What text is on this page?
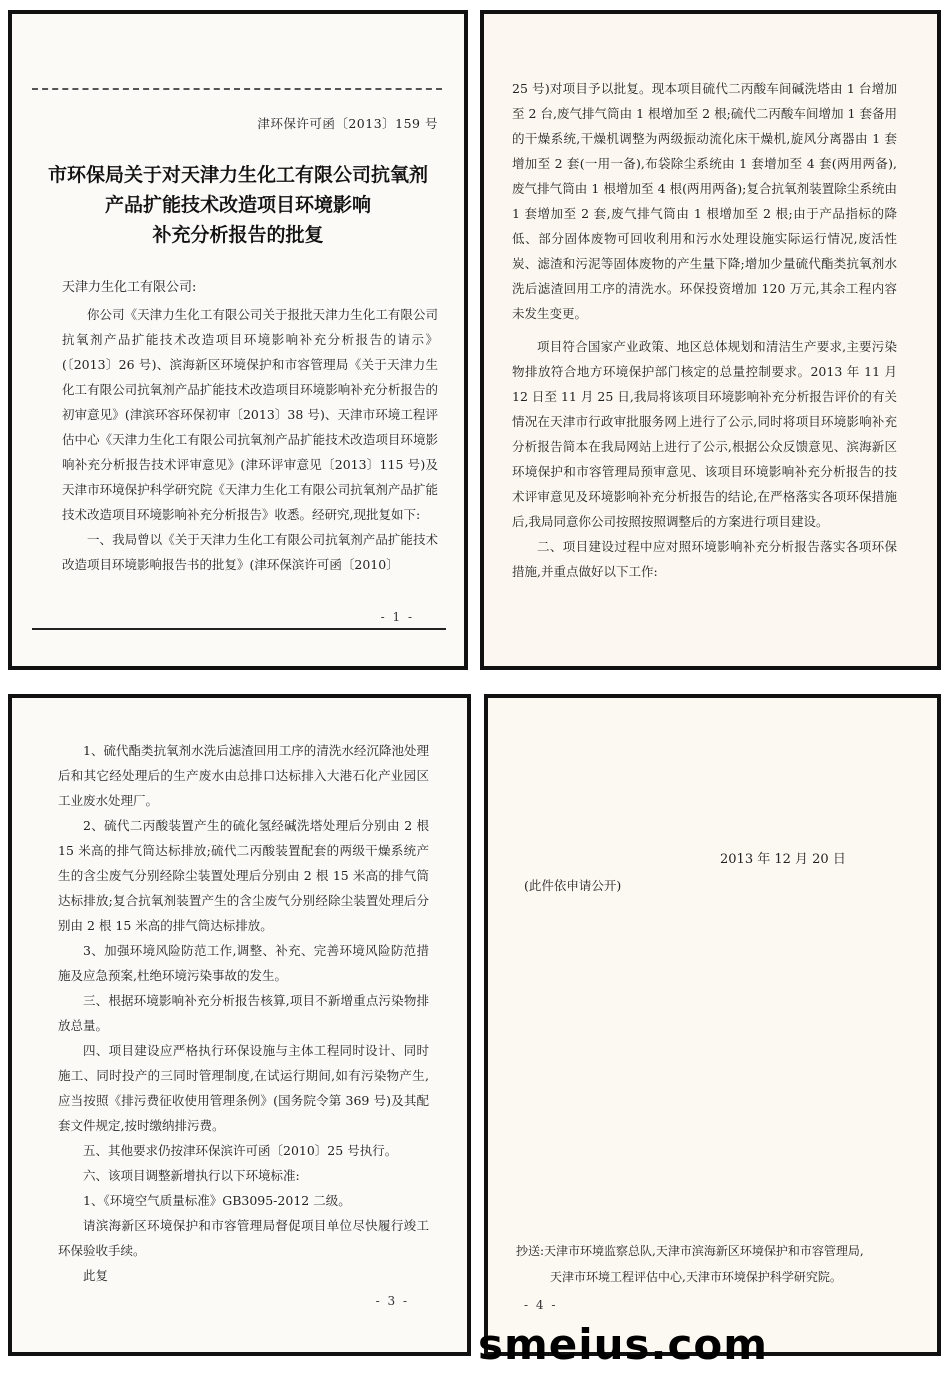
津环保许可函〔2013〕159 号
市环保局关于对天津力生化工有限公司抗氧剂
产品扩能技术改造项目环境影响
补充分析报告的批复
天津力生化工有限公司:

你公司《天津力生化工有限公司关于报批天津力生化工有限公司抗氧剂产品扩能技术改造项目环境影响补充分析报告的请示》(〔2013〕26 号)、滨海新区环境保护和市容管理局《关于天津力生化工有限公司抗氧剂产品扩能技术改造项目环境影响补充分析报告的初审意见》(津滨环容环保初审〔2013〕38 号)、天津市环境工程评估中心《天津力生化工有限公司抗氧剂产品扩能技术改造项目环境影响补充分析报告技术评审意见》(津环评审意见〔2013〕115 号)及天津市环境保护科学研究院《天津力生化工有限公司抗氧剂产品扩能技术改造项目环境影响补充分析报告》收悉。经研究,现批复如下:

一、我局曾以《关于天津力生化工有限公司抗氧剂产品扩能技术改造项目环境影响报告书的批复》(津环保滨许可函〔2010〕

- 1 -

25 号)对项目予以批复。现本项目硫代二丙酸车间碱洗塔由 1 台增加至 2 台,废气排气筒由 1 根增加至 2 根;硫代二丙酸车间增加 1 套备用的干燥系统,干燥机调整为两级振动流化床干燥机,旋风分离器由 1 套增加至 2 套(一用一备),布袋除尘系统由 1 套增加至 4 套(两用两备),废气排气筒由 1 根增加至 4 根(两用两备);复合抗氧剂装置除尘系统由 1 套增加至 2 套,废气排气筒由 1 根增加至 2 根;由于产品指标的降低、部分固体废物可回收利用和污水处理设施实际运行情况,废活性炭、滤渣和污泥等固体废物的产生量下降;增加少量硫代酯类抗氧剂水洗后滤渣回用工序的清洗水。环保投资增加 120 万元,其余工程内容未发生变更。

项目符合国家产业政策、地区总体规划和清洁生产要求,主要污染物排放符合地方环境保护部门核定的总量控制要求。2013 年 11 月 12 日至 11 月 25 日,我局将该项目环境影响补充分析报告评价的有关情况在天津市行政审批服务网上进行了公示,同时将项目环境影响补充分析报告简本在我局网站上进行了公示,根据公众反馈意见、滨海新区环境保护和市容管理局预审意见、该项目环境影响补充分析报告的技术评审意见及环境影响补充分析报告的结论,在严格落实各项环保措施后,我局同意你公司按照按照调整后的方案进行项目建设。

二、项目建设过程中应对照环境影响补充分析报告落实各项环保措施,并重点做好以下工作:

1、硫代酯类抗氧剂水洗后滤渣回用工序的清洗水经沉降池处理后和其它经处理后的生产废水由总排口达标排入大港石化产业园区工业废水处理厂。

2、硫代二丙酸装置产生的硫化氢经碱洗塔处理后分别由 2 根 15 米高的排气筒达标排放;硫代二丙酸装置配套的两级干燥系统产生的含尘废气分别经除尘装置处理后分别由 2 根 15 米高的排气筒达标排放;复合抗氧剂装置产生的含尘废气分别经除尘装置处理后分别由 2 根 15 米高的排气筒达标排放。

3、加强环境风险防范工作,调整、补充、完善环境风险防范措施及应急预案,杜绝环境污染事故的发生。

三、根据环境影响补充分析报告核算,项目不新增重点污染物排放总量。

四、项目建设应严格执行环保设施与主体工程同时设计、同时施工、同时投产的三同时管理制度,在试运行期间,如有污染物产生,应当按照《排污费征收使用管理条例》(国务院令第 369 号)及其配套文件规定,按时缴纳排污费。

五、其他要求仍按津环保滨许可函〔2010〕25 号执行。

六、该项目调整新增执行以下环境标准:

1、《环境空气质量标准》GB3095-2012 二级。

请滨海新区环境保护和市容管理局督促项目单位尽快履行竣工环保验收手续。

此复

- 3 -
2013 年 12 月 20 日
(此件依申请公开)

抄送:天津市环境监察总队,天津市滨海新区环境保护和市容管理局,
天津市环境工程评估中心,天津市环境保护科学研究院。

- 4 -

smeius.com
